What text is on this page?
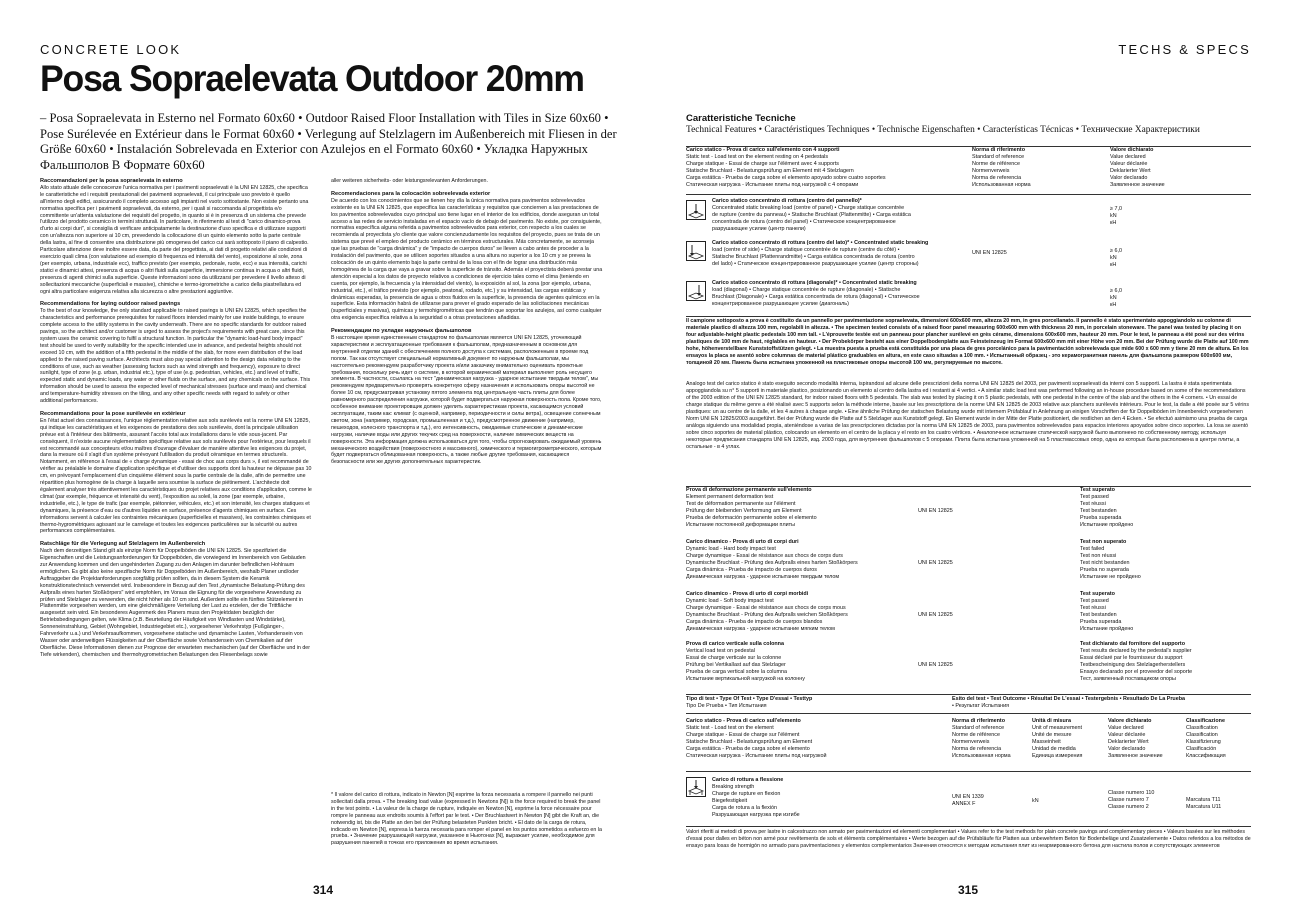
CONCRETE LOOK	TECHS & SPECS
Posa Sopraelevata Outdoor 20mm
– Posa Sopraelevata in Esterno nel Formato 60x60 • Outdoor Raised Floor Installation with Tiles in Size 60x60 • Pose Surélevée en Extérieur dans le Format 60x60 • Verlegung auf Stelzlagern im Außenbereich mit Fliesen in der Größe 60x60 • Instalación Sobrelevada en Exterior con Azulejos en el Formato 60x60 • Укладка Наружных Фальшполов В Формате 60x60
Raccomandazioni per la posa sopraelevata in esterno

Allo stato attuale delle conoscenze l'unica normativa per i pavimenti sopraelevati è la UNI EN 12825, che specifica le caratteristiche ed i requisiti prestazionali dei pavimenti sopraelevati, il cui principale uso previsto è quello all'interno degli edifici, assicurando il completo accesso agli impianti nel vuoto sottostante. Non esiste pertanto una normativa specifica per i pavimenti sopraelevati, da esterno, per i quali si raccomanda al progettista e/o committente un'attenta valutazione dei requisiti del progetto, in quanto si è in presenza di un sistema che prevede l'utilizzo del prodotto ceramico in termini strutturali. In particolare, in riferimento al test di "carico dinamico-prova d'urto ai corpi duri", si consiglia di verificare anticipatamente la destinazione d'uso specifica e di utilizzare supporti con un'altezza non superiore ai 10 cm, prevedendo la collocazione di un quinto elemento sotto la parte centrale della lastra, al fine di consentire una distribuzione più omogenea del carico cui sarà sottoposto il piano di calpestio. Particolare attenzione deve inoltre essere data, da parte del progettista, ai dati di progetto relativi alle condizioni di esercizio quali clima (con valutazione ad esempio di frequenza ed intensità del vento), esposizione al sole, zona (per esempio, urbana, industriale ecc), traffico previsto (per esempio, pedonale, ruote, ecc) e sua intensità, carichi statici e dinamici attesi, presenza di acqua o altri fluidi sulla superficie, immersione continua in acqua o altri fluidi, presenza di agenti chimici sulla superficie. Queste informazioni sono da utilizzarsi per prevedere il livello atteso di sollecitazioni meccaniche (superficiali e massive), chimiche e termo-igrometriche a carico della piastrellatura ed ogni altra particolare esigenza relativa alla sicurezza o altre prestazioni aggiuntive.

Recommendations for laying outdoor raised pavings

To the best of our knowledge, the only standard applicable to raised pavings is UNI EN 12825, which specifies the characteristics and performance prerequisites for raised floors intended mainly for use inside buildings, to ensure complete access to the utility systems in the cavity underneath. There are no specific standards for outdoor raised pavings, so the architect and/or customer is urged to assess the project's requirements with great care, since this system uses the ceramic covering to fulfil a structural function. In particular the "dynamic load-hard body impact" test should be used to verify suitability for the specific intended use in advance, and pedestal heights should not exceed 10 cm, with the addition of a fifth pedestal in the middle of the slab, for more even distribution of the load applied to the raised paving surface. Architects must also pay special attention to the design data relating to the conditions of use, such as weather (assessing factors such as wind strength and frequency), exposure to direct sunlight, type of zone (e.g. urban, industrial etc.), type of use (e.g. pedestrian, vehicles, etc.) and level of traffic, expected static and dynamic loads, any water or other fluids on the surface, and any chemicals on the surface. This information should be used to assess the expected level of mechanical stresses (surface and mass) and chemical and temperature-humidity stresses on the tiling, and any other specific needs with regard to safety or other additional performances.

Recommandations pour la pose surélevée en extérieur

En l'état actuel des connaissances, l'unique réglementation relative aux sols surélevés est la norme UNI EN 12825, qui indique les caractéristiques et les exigences de prestations des sols surélevés, dont la principale utilisation prévue est à l'intérieur des bâtiments, assurant l'accès total aux installations dans le vide sous-jacent. Par conséquent, il n'existe aucune réglementation spécifique relative aux sols surélevés pour l'extérieur, pour lesquels il est recommandé aux concepteurs et/ou maîtres d'ouvrage d'évaluer de manière attentive les exigences du projet, dans la mesure où il s'agit d'un système prévoyant l'utilisation du produit céramique en termes structurels. Notamment, en référence à l'essai de « charge dynamique - essai de choc aux corps durs », il est recommandé de vérifier au préalable le domaine d'application spécifique et d'utiliser des supports dont la hauteur ne dépasse pas 10 cm, en prévoyant l'emplacement d'un cinquième élément sous la partie centrale de la dalle, afin de permettre une répartition plus homogène de la charge à laquelle sera soumise la surface de piétinement. L'architecte doit également analyser très attentivement les caractéristiques du projet relatives aux conditions d'application, comme le climat (par exemple, fréquence et intensité du vent), l'exposition au soleil, la zone (par exemple, urbaine, industrielle, etc.), le type de trafic (par exemple, piétonnier, véhicules, etc.) et son intensité, les charges statiques et dynamiques, la présence d'eau ou d'autres liquides en surface, présence d'agents chimiques en surface. Ces informations servent à calculer les contraintes mécaniques (superficielles et massives), les contraintes chimiques et thermo-hygrométriques agissant sur le carrelage et toutes les exigences particulières sur la sécurité ou autres performances complémentaires.

Ratschläge für die Verlegung auf Stelzlagern im Außenbereich

Nach dem derzeitigen Stand gilt als einzige Norm für Doppelböden die UNI EN 12825. Sie spezifiziert die Eigenschaften und die Leistungsanforderungen für Doppelböden, die vorwiegend im Innenbereich von Gebäuden zur Anwendung kommen und den ungehinderten Zugang zu den Anlagen im darunter befindlichen Hohlraum ermöglichen. Es gibt also keine spezifische Norm für Doppelböden im Außenbereich, weshalb Planer und/oder Auftraggeber die Projektanforderungen sorgfältig prüfen sollten, da in diesem System die Keramik konstruktionstechnisch verwendet wird. Insbesondere in Bezug auf den Test „dynamische Belastung-Prüfung des Aufpralls eines harten Stoßkörpers" wird empfohlen, im Voraus die Eignung für die vorgesehene Anwendung zu prüfen und Stelzlager zu verwenden, die nicht höher als 10 cm sind. Außerdem sollte ein fünftes Stützelement in Plattenmitte vorgesehen werden, um eine gleichmäßigere Verteilung der Last zu erzielen, der die Trittfläche ausgesetzt sein wird. Ein besonderes Augenmerk des Planers muss den Projektdaten bezüglich der Betriebsbedingungen gelten, wie Klima (z.B. Beurteilung der Häufigkeit von Windlasten und Windstärke), Sonneneinstrahlung, Gebiet (Wohngebiet, Industriegebiet etc.), vorgesehener Verkehrstyp (Fußgänger-, Fahrverkehr u.a.) und Verkehrsaufkommen, vorgesehene statische und dynamische Lasten, Vorhandensein von Wasser oder anderweitigen Flüssigkeiten auf der Oberfläche sowie Vorhandensein von Chemikalien auf der Oberfläche. Diese Informationen dienen zur Prognose der erwarteten mechanischen (auf der Oberfläche und in der Tiefe wirkenden), chemischen und thermohygrometrischen Belastungen des Fliesenbelags sowie

aller weiteren sicherheits- oder leistungsrelevanten Anforderungen.

Recomendaciones para la colocación sobreelevada exterior

De acuerdo con los conocimientos que se tienen hoy día la única normativa para pavimentos sobreelevados existente es la UNI EN 12825, que especifica las características y requisitos que conciernen a las prestaciones de los pavimentos sobreelevados cuyo principal uso tiene lugar en el interior de los edificios, donde aseguran un total acceso a las redes de servicio instaladas en el espacio vacío de debajo del pavimento. No existe, por consiguiente, normativa específica alguna referida a pavimentos sobreelevados para exterior, con respecto a los cuales se recomienda al proyectista y/o cliente que valore concienzudamente los requisitos del proyecto, pues se trata de un sistema que prevé el empleo del producto cerámico en términos estructurales. Más concretamente, se aconseja que las pruebas de "carga dinámica" y de "impacto de cuerpos duros" se lleven a cabo antes de proceder a la instalación del pavimento, que se utilicen soportes situados a una altura no superior a los 10 cm y se prevea la colocación de un quinto elemento bajo la parte central de la losa con el fin de lograr una distribución más homogénea de la carga que vaya a gravar sobre la superficie de tránsito. Además el proyectista deberá prestar una atención especial a los datos de proyecto relativos a condiciones de ejercicio tales como el clima (teniendo en cuenta, por ejemplo, la frecuencia y la intensidad del viento), la exposición al sol, la zona (por ejemplo, urbana, industrial, etc.), el tráfico previsto (por ejemplo, peatonal, rodado, etc.) y su intensidad, las cargas estáticas y dinámicas esperadas, la presencia de agua u otros fluidos en la superficie, la presencia de agentes químicos en la superficie. Esta información habrá de utilizarse para prever el grado esperado de las solicitaciones mecánicas (superficiales y masivas), químicas y termohigrométricas que tendrán que soportar los azulejos, así como cualquier otra exigencia específica relativa a la seguridad o a otras prestaciones añadidas.

Рекомендации по укладке наружных фальшполов

В настоящее время единственным стандартом по фальшполам является UNI EN 12825, уточняющий характеристики и эксплуатационные требования к фальшполам, предназначенным в основном для внутренней отделки зданий с обеспечением полного доступа к системам, расположенным в проеме под полом. Так как отсутствует специальный нормативный документ по наружным фальшполам, мы настоятельно рекомендуем разработчику проекта и/или заказчику внимательно оценивать проектные требования, поскольку речь идет о системе, в которой керамический материал выполняет роль несущего элемента. В частности, ссылаясь на тест "динамическая нагрузка - ударное испытание твердым телом", мы рекомендуем предварительно проверять конкретную сферу назначения и использовать опоры высотой не более 10 см, предусматривая установку пятого элемента под центральную часть плиты для более равномерного распределения нагрузки, которой будет подвергаться наружная поверхность пола. Кроме того, особенное внимание проектировщик должен уделить характеристикам проекта, касающимся условий эксплуатации, таким как: климат (с оценкой, например, периодичности и силы ветра), освещение солнечным светом, зона (например, городская, промышленная и т.д.), предусмотренное движение (например, пешеходов, колесного транспорта и т.д.), его интенсивность, ожидаемые статические и динамические нагрузки, наличие воды или других текучих сред на поверхности, наличие химических веществ на поверхности. Эта информация должна использоваться для того, чтобы спрогнозировать ожидаемый уровень механического воздействия (поверхностного и массивного), химического и термогигрометрического, которым будет подвергаться облицованная поверхность, а также любые другие требования, касающиеся безопасности или же других дополнительных характеристик.

* Il valore del carico di rottura, indicato in Newton [N] esprime la forza necessaria a rompere il pannello nei punti sollecitati dalla prova. • The breaking load value (expressed in Newtons [N]) is the force required to break the panel in the test points. • La valeur de la charge de rupture, indiquée en Newton [N], exprime la force nécessaire pour rompre le panneau aux endroits soumis à l'effort par le test. • Der Bruchlastwert in Newton [N] gibt die Kraft an, die notwendig ist, bis die Platte an den bei der Prüfung belasteten Punkten bricht. • El dato de la carga de rotura, indicado en Newton [N], expresa la fuerza necesaria para romper el panel en los puntos sometidos a esfuerzo en la prueba. • Значение разрушающей нагрузки, указанное в Ньютонах [N], выражает усилие, необходимое для разрушения панелей в точках его приложения во время испытания.

314	315
Caratteristiche Tecniche
Technical Features • Caractéristiques Techniques • Technische Eigenschaften • Características Técnicas • Технические Характеристики
Carico statico - Prova di carico sull'elemento con 4 supporti
Static test - Load test on the element resting on 4 pedestals
Charge statique - Essai de charge sur l'élément avec 4 supports
Statische Bruchlast - Belastungsprüfung am Element mit 4 Stelzlagern
Carga estática - Prueba de carga sobre el elemento apoyado sobre cuatro soportes
Статическая нагрузка - Испытание плиты под нагрузкой с 4 опорами
Norma di riferimento
Standard of reference
Norme de référence
Normenverweis
Norma de referencia
Использованная норма
Valore dichiarato
Value declared
Valeur déclarée
Deklarierter Wert
Valor declarado
Заявленное значение
Carico statico concentrato di rottura (centro del pannello)*
Concentrated static breaking load (centre of panel) • Charge statique concentrée
de rupture (centre du panneau) • Statische Bruchlast (Plattenmitte) • Carga estática
concentrada de rotura (centro del panel) • Статическое концентрированное
разрушающее усилие (центр панели)
≥ 7,0
kN
кН
Carico statico concentrato di rottura (centro del lato)* • Concentrated static breaking
load (centre of side) • Charge statique concentrée de rupture (centre du côté) •
Statische Bruchlast (Plattenrandmitte) • Carga estática concentrada de rotura (centro
del lado) • Статическое концентрированное разрушающее усилие (центр стороны)
≥ 6,0
kN
кН
Carico statico concentrato di rottura (diagonale)* • Concentrated static breaking
load (diagonal) • Charge statique concentrée de rupture (diagonale) • Statische
Bruchlast (Diagonale) • Carga estática concentrada de rotura (diagonal) • Статическое
концентрированное разрушающее усилие (диагональ)
≥ 6,0
kN
кН
UNI EN 12825
Il campione sottoposto a prova è costituito da un pannello per pavimentazione sopraelevata, dimensioni 600x600 mm, altezza 20 mm, in gres porcellanato. Il pannello è stato sperimentato appoggiandolo su colonne di materiale plastico di altezza 100 mm, regolabili in altezza. • The specimen tested consists of a raised floor panel measuring 600x600 mm with thickness 20 mm, in porcelain stoneware. The panel was tested by placing it on four adjustable-height plastic pedestals 100 mm tall. • L'éprouvette testée est un panneau pour plancher surélevé en grès cérame, dimensions 600x600 mm, hauteur 20 mm. Pour le test, le panneau a été posé sur des vérins plastiques de 100 mm de haut, réglables en hauteur. • Der Probekörper besteht aus einer Doppelbodenplatte aus Feinsteinzeug im Format 600x600 mm mit einer Höhe von 20 mm. Bei der Prüfung wurde die Platte auf 100 mm hohe, höhenverstellbare Kunststoffstützen gelegt. • La muestra puesta a prueba está constituida por una placa de gres porcelánico para la pavimentación sobreelevada que mide 600 x 600 mm y tiene 20 mm de altura. En los ensayos la placa se asentó sobre columnas de material plástico graduables en altura, en este caso situadas a 100 mm. • Испытанный образец - это керамогранитная панель для фальшпола размером 600x600 мм, толщиной 20 мм. Панель была испытана уложенной на пластиковые опоры высотой 100 мм, регулируемые по высоте.
Analogo test del carico statico è stato eseguito secondo modalità interna, ispirandosi ad alcune delle prescrizioni della norma UNI EN 12825 del 2003, per pavimenti sopraelevati da interni con 5 supporti. La lastra è stata sperimentata appoggiandola su n° 5 supporti in materiale plastico, posizionando un elemento al centro della lastra ed i restanti ai 4 vertici. • A similar static load test was performed following an in-house procedure based on some of the recommendations of the 2003 edition of the UNI EN 12825 standard, for indoor raised floors with 5 pedestals. The slab was tested by placing it on 5 plastic pedestals, with one pedestal in the centre of the slab and the others in the 4 corners. • Un essai de charge statique du même genre a été réalisé avec 5 supports selon la méthode interne, basée sur les prescriptions de la norme UNI EN 12825 de 2003 relative aux planchers surélevés intérieurs. Pour le test, la dalle a été posée sur 5 vérins plastiques: un au centre de la dalle, et les 4 autres à chaque angle. • Eine ähnliche Prüfung der statischen Belastung wurde mit internem Prüfablauf in Anlehnung an einigen Vorschriften der für Doppelböden im Innenbereich vorgesehenen Norm UNI EN 12825/2003 ausgeführt. Bei der Prüfung wurde die Platte auf 5 Stelzlager aus Kunststoff gelegt. Ein Element wurde in der Mitte der Platte positioniert, die restlichen an den 4 Ecken. • Se efectuó asimismo una prueba de carga análoga siguiendo una modalidad propia, ateniéndose a varias de las prescripciones dictadas por la norma UNI EN 12825 de 2003, para pavimentos sobreelevados para espacios interiores apoyados sobre cinco soportes. La losa se asentó sobre cinco soportes de material plástico, colocando un elemento en el centro de la placa y el resto en los cuatro vértices. • Аналогичное испытание статической нагрузкой было выполнено по собственному методу, используя некоторые предписания стандарта UNI EN 12825, изд. 2003 года, для внутренних фальшполов с 5 опорами. Плита была испытана уложенной на 5 пластмассовых опор, одна из которых была расположена в центре плиты, а остальные - в 4 углах.
Prova di deformazione permanente sull'elemento
Element permanent deformation test
Test de déformation permanente sur l'élément
Prüfung der bleibenden Verformung am Element
Prueba de deformación permanente sobre el elemento
Испытание постоянной деформации плиты
UNI EN 12825
Test superato
Test passed
Test réussi
Test bestanden
Prueba superada
Испытание пройдено
Carico dinamico - Prova di urto di corpi duri
Dynamic load - Hard body impact test
Charge dynamique - Essai de résistance aux chocs de corps durs
Dynamische Bruchlast - Prüfung des Aufpralls eines harten Stoßkörpers
Carga dinámica - Prueba de impacto de cuerpos duros
Динамическая нагрузка - ударное испытание твердым телом
UNI EN 12825
Test non superato
Test failed
Test non réussi
Test nicht bestanden
Prueba no superada
Испытание не пройдено
Carico dinamico - Prova di urto di corpi morbidi
Dynamic load - Soft body impact test
Charge dynamique - Essai de résistance aux chocs de corps mous
Dynamische Bruchlast - Prüfung des Aufpralls weichen Stoßkörpers
Carga dinámica - Prueba de impacto de cuerpos blandos
Динамическая нагрузка - ударное испытание мягким телом
UNI EN 12825
Test superato
Test passed
Test réussi
Test bestanden
Prueba superada
Испытание пройдено
Prova di carico verticale sulla colonna
Vertical load test on pedestal
Essai de charge verticale sur la colonne
Prüfung bei Vertikallast auf das Stelzlager
Prueba de carga vertical sobre la columna
Испытание вертикальной нагрузкой на колонну
UNI EN 12825
Test dichiarato dal fornitore del supporto
Test results declared by the pedestal's supplier
Essai déclaré par le fournisseur du support
Testbescheinigung des Stelzlagerherstellers
Ensayo declarado por el proveedor del soporte
Тест, заявленный поставщиком опоры
Tipo di test • Type Of Test • Type D'essai • Testtyp
Tipo De Prueba • Тип Испытания
Esito del test • Test Outcome • Résultat De L'essai • Testergebnis • Resultado De La Prueba
• Результат Испытания
Carico statico - Prova di carico sull'elemento
Static test - Load test on the element
Charge statique - Essai de charge sur l'élément
Statische Bruchlast - Belastungsprüfung am Element
Carga estática - Prueba de carga sobre el elemento
Статическая нагрузка - Испытание плиты под нагрузкой
Norma di riferimento
Standard of reference
Norme de référence
Normenverweis
Norma de referencia
Использованная норма
Unità di misura
Unit of measurement
Unité de mesure
Masseinheit
Unidad de medida
Единица измерения
Valore dichiarato
Value declared
Valeur déclarée
Deklarierter Wert
Valor declarado
Заявленное значение
Classificazione
Classification
Classification
Klassifizierung
Clasificación
Классификация
Carico di rottura a flessione
Breaking strength
Charge de rupture en flexion
Biegefestigkeit
Carga de rotura a la flexión
Разрушающая нагрузка при изгибе
UNI EN 1339
ANNEX F
kN
Classe numero 110
Classe numero 7
Classe numero 2
Marcatura T11
Marcatura U11
Valori riferiti ai metodi di prova per lastre in calcestruzzo non armato per pavimentazioni ed elementi complementari • Values refer to the test methods for plain concrete pavings and complementary pieces • Valeurs basées sur les méthodes d'essai pour dalles en béton non armé pour revêtements de sols et éléments complémentaires • Werte bezogen auf die Prüfabläufe für Platten aus unbewehrtem Beton für Bodenbeläge und Zusatzelemente • Datos referidos a los métodos de ensayo para losas de hormigón no armado para pavimentaciones y elementos complementarios Значения относятся к методам испытания плит из неармированного бетона для настила полов и сопутствующих элементов
